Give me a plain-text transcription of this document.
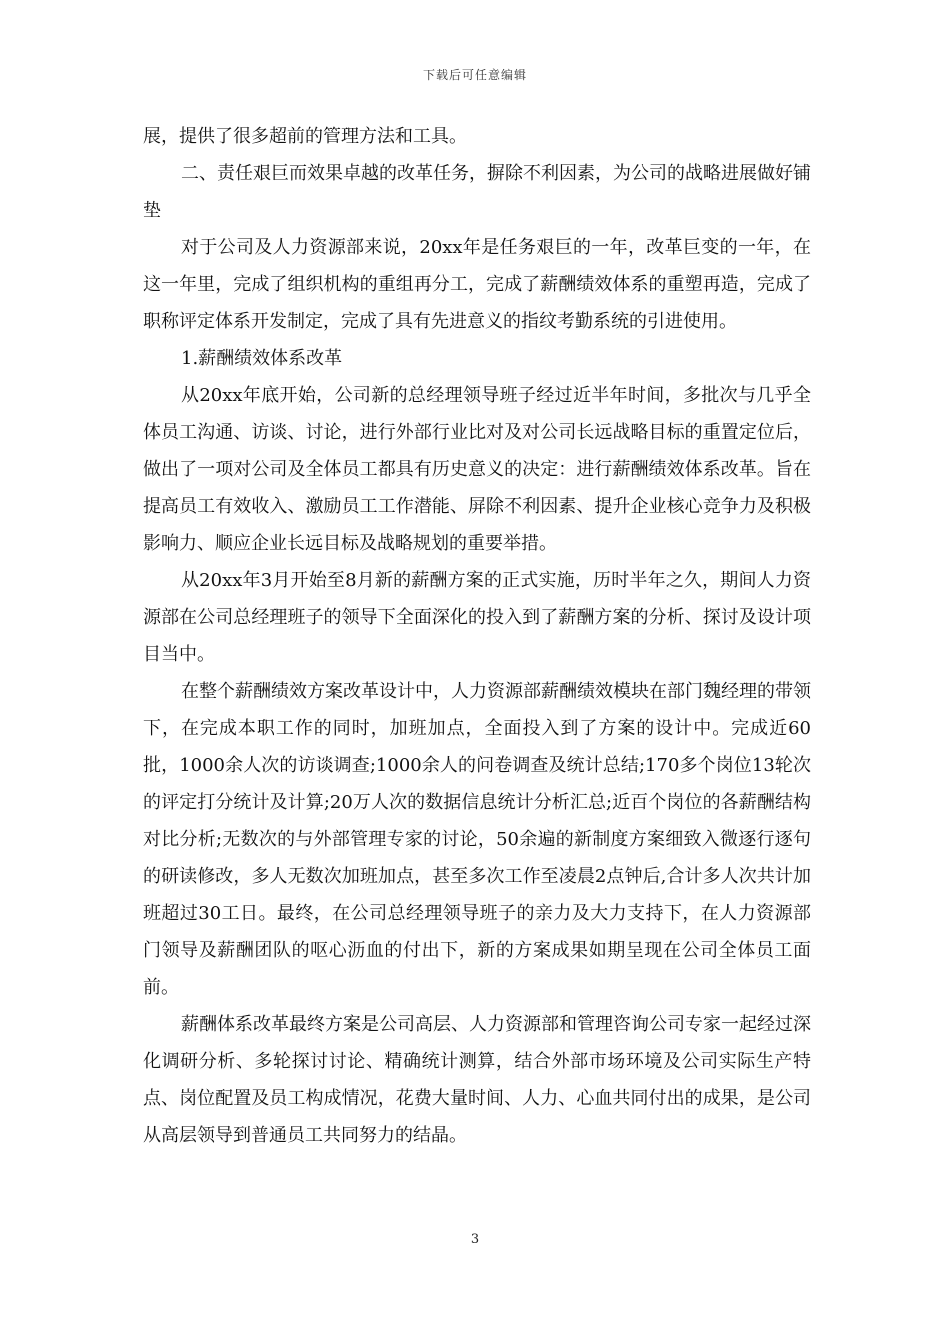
下载后可任意编辑

展，提供了很多超前的管理方法和工具。

二、责任艰巨而效果卓越的改革任务，摒除不利因素，为公司的战略进展做好铺垫

对于公司及人力资源部来说，20xx年是任务艰巨的一年，改革巨变的一年，在这一年里，完成了组织机构的重组再分工，完成了薪酬绩效体系的重塑再造，完成了职称评定体系开发制定，完成了具有先进意义的指纹考勤系统的引进使用。

1.薪酬绩效体系改革

从20xx年底开始，公司新的总经理领导班子经过近半年时间，多批次与几乎全体员工沟通、访谈、讨论，进行外部行业比对及对公司长远战略目标的重置定位后，做出了一项对公司及全体员工都具有历史意义的决定：进行薪酬绩效体系改革。旨在提高员工有效收入、激励员工工作潜能、屏除不利因素、提升企业核心竞争力及积极影响力、顺应企业长远目标及战略规划的重要举措。

从20xx年3月开始至8月新的薪酬方案的正式实施，历时半年之久，期间人力资源部在公司总经理班子的领导下全面深化的投入到了薪酬方案的分析、探讨及设计项目当中。

在整个薪酬绩效方案改革设计中，人力资源部薪酬绩效模块在部门魏经理的带领下，在完成本职工作的同时，加班加点，全面投入到了方案的设计中。完成近60批，1000余人次的访谈调查;1000余人的问卷调查及统计总结;170多个岗位13轮次的评定打分统计及计算;20万人次的数据信息统计分析汇总;近百个岗位的各薪酬结构对比分析;无数次的与外部管理专家的讨论，50余遍的新制度方案细致入微逐行逐句的研读修改，多人无数次加班加点，甚至多次工作至凌晨2点钟后,合计多人次共计加班超过30工日。最终，在公司总经理领导班子的亲力及大力支持下，在人力资源部门领导及薪酬团队的呕心沥血的付出下，新的方案成果如期呈现在公司全体员工面前。

薪酬体系改革最终方案是公司高层、人力资源部和管理咨询公司专家一起经过深化调研分析、多轮探讨讨论、精确统计测算，结合外部市场环境及公司实际生产特点、岗位配置及员工构成情况，花费大量时间、人力、心血共同付出的成果，是公司从高层领导到普通员工共同努力的结晶。

3
